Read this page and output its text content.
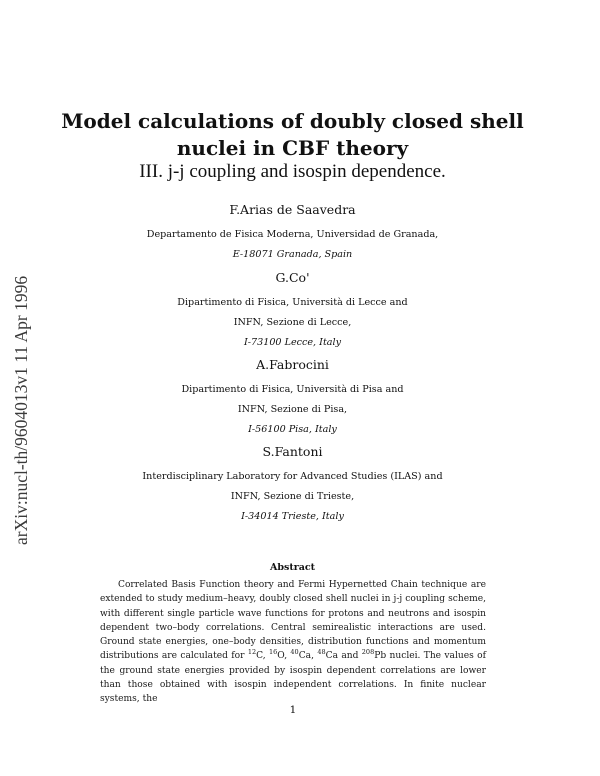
arXiv:nucl-th/9604013v1 11 Apr 1996
Model calculations of doubly closed shell nuclei in CBF theory
III. j-j coupling and isospin dependence.
F.Arias de Saavedra
Departamento de Fisica Moderna, Universidad de Granada,
E-18071 Granada, Spain
G.Co'
Dipartimento di Fisica, Università di Lecce and
INFN, Sezione di Lecce,
I-73100 Lecce, Italy
A.Fabrocini
Dipartimento di Fisica, Università di Pisa and
INFN, Sezione di Pisa,
I-56100 Pisa, Italy
S.Fantoni
Interdisciplinary Laboratory for Advanced Studies (ILAS) and
INFN, Sezione di Trieste,
I-34014 Trieste, Italy
Abstract

Correlated Basis Function theory and Fermi Hypernetted Chain technique are extended to study medium–heavy, doubly closed shell nuclei in j-j coupling scheme, with different single particle wave functions for protons and neutrons and isospin dependent two–body correlations. Central semirealistic interactions are used. Ground state energies, one–body densities, distribution functions and momentum distributions are calculated for $^{12}$C, $^{16}$O, $^{40}$Ca, $^{48}$Ca and $^{208}$Pb nuclei. The values of the ground state energies provided by isospin dependent correlations are lower than those obtained with isospin independent correlations. In finite nuclear systems, the

1
